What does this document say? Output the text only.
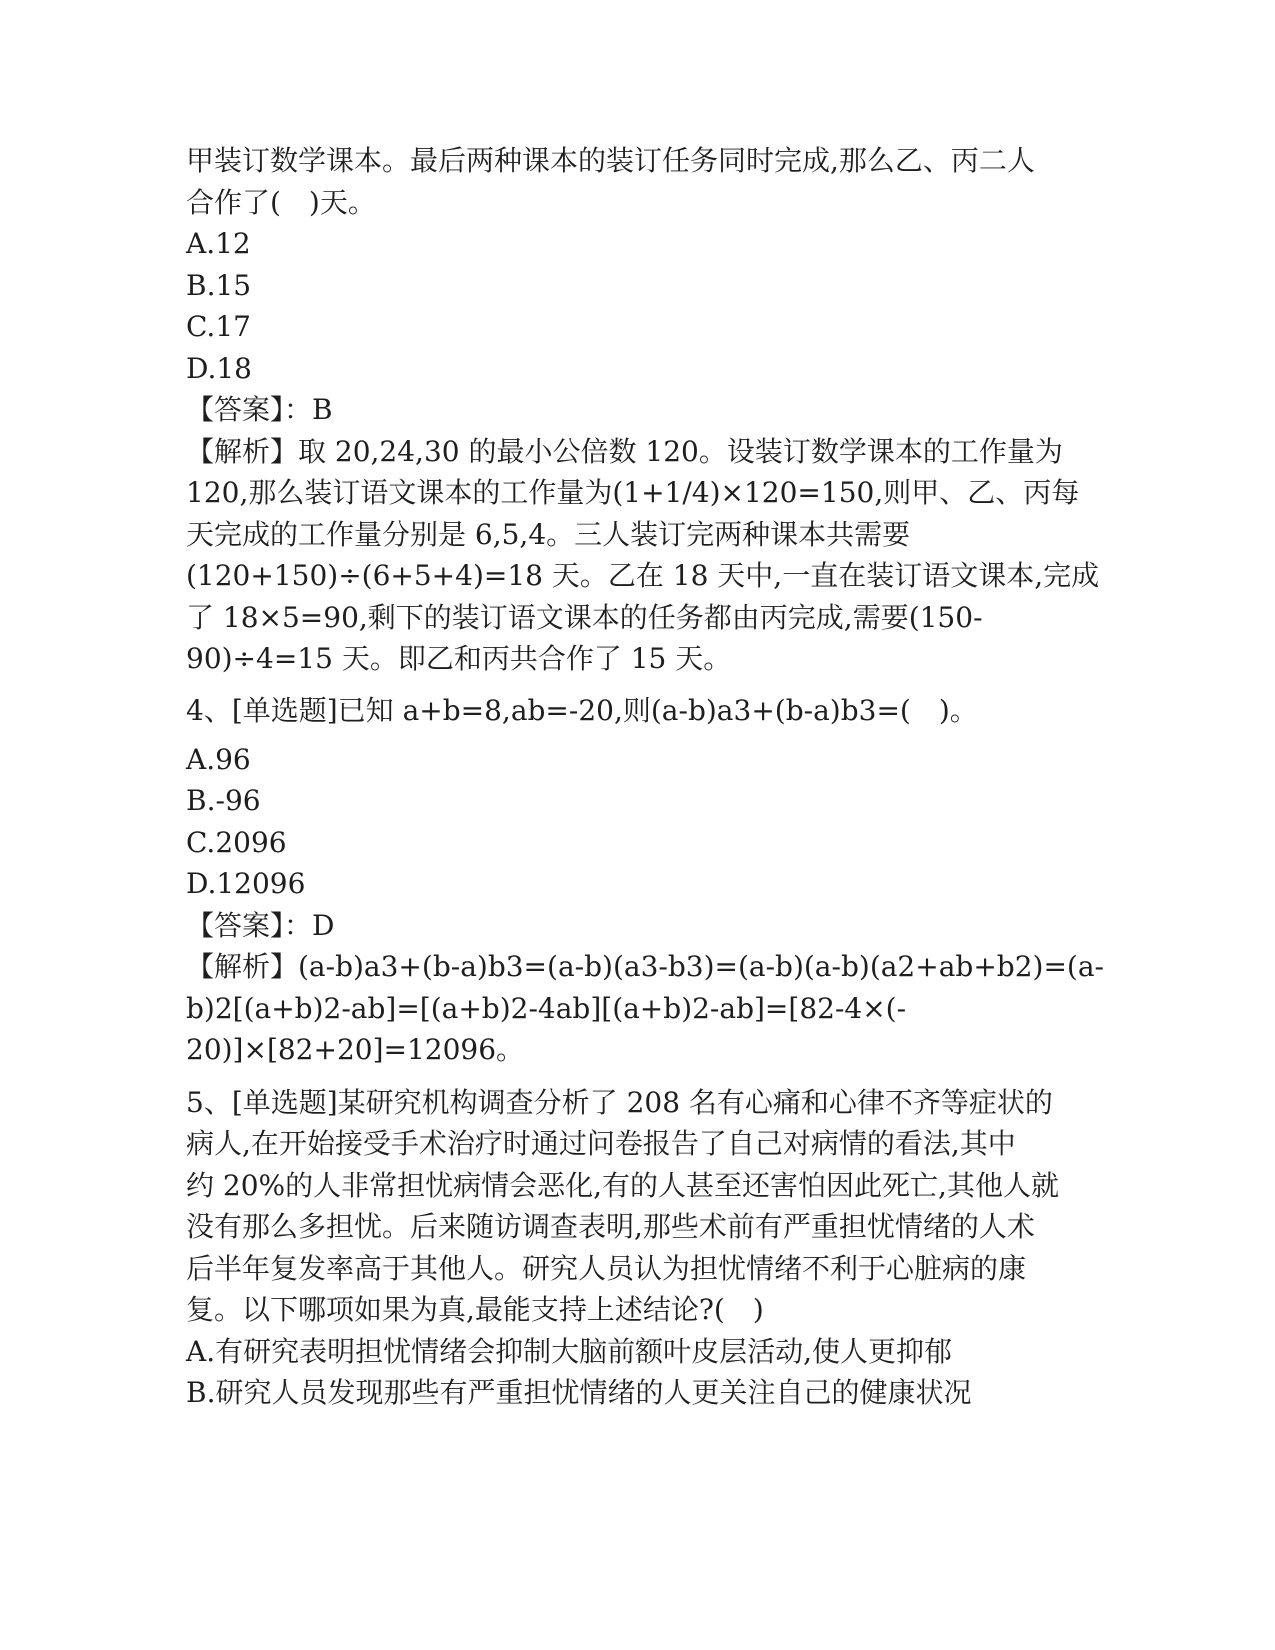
甲装订数学课本。最后两种课本的装订任务同时完成,那么乙、丙二人
合作了(　)天。
A.12
B.15
C.17
D.18
【答案】：B
【解析】取 20,24,30 的最小公倍数 120。设装订数学课本的工作量为
120,那么装订语文课本的工作量为(1+1/4)×120=150,则甲、乙、丙每
天完成的工作量分别是 6,5,4。三人装订完两种课本共需要
(120+150)÷(6+5+4)=18 天。乙在 18 天中,一直在装订语文课本,完成
了 18×5=90,剩下的装订语文课本的任务都由丙完成,需要(150-
90)÷4=15 天。即乙和丙共合作了 15 天。
4、[单选题]已知 a+b=8,ab=-20,则(a-b)a3+(b-a)b3=(　)。
A.96
B.-96
C.2096
D.12096
【答案】：D
【解析】(a-b)a3+(b-a)b3=(a-b)(a3-b3)=(a-b)(a-b)(a2+ab+b2)=(a-
b)2[(a+b)2-ab]=[(a+b)2-4ab][(a+b)2-ab]=[82-4×(-
20)]×[82+20]=12096。
5、[单选题]某研究机构调查分析了 208 名有心痛和心律不齐等症状的
病人,在开始接受手术治疗时通过问卷报告了自己对病情的看法,其中
约 20%的人非常担忧病情会恶化,有的人甚至还害怕因此死亡,其他人就
没有那么多担忧。后来随访调查表明,那些术前有严重担忧情绪的人术
后半年复发率高于其他人。研究人员认为担忧情绪不利于心脏病的康
复。以下哪项如果为真,最能支持上述结论?(　)
A.有研究表明担忧情绪会抑制大脑前额叶皮层活动,使人更抑郁
B.研究人员发现那些有严重担忧情绪的人更关注自己的健康状况
